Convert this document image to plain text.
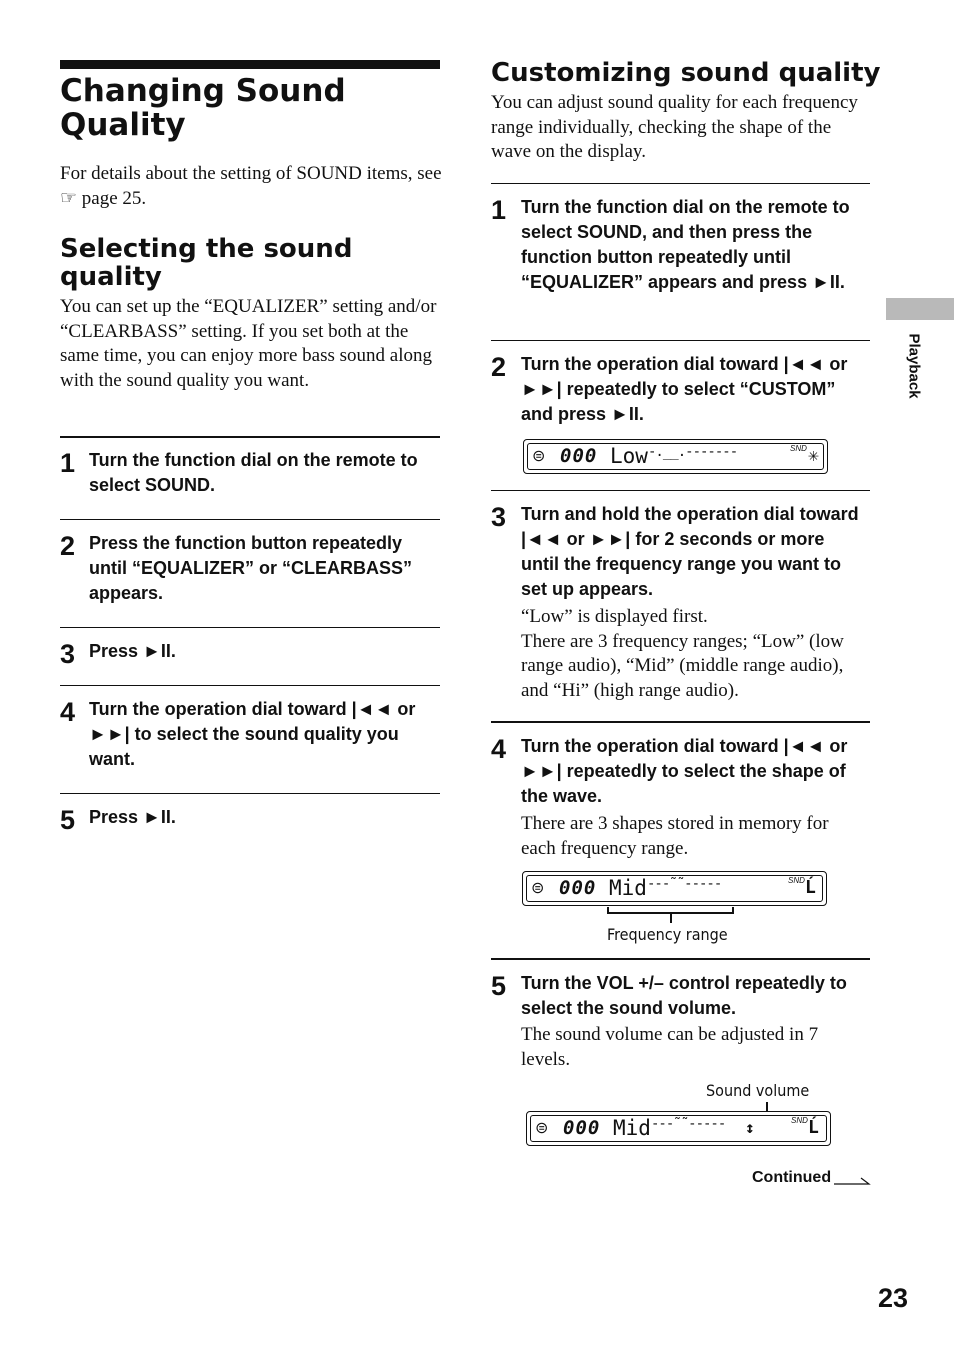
Changing Sound Quality

For details about the setting of SOUND items, see ☞ page 25.

Selecting the sound quality

You can set up the “EQUALIZER” setting and/or “CLEARBASS” setting. If you set both at the same time, you can enjoy more bass sound along with the sound quality you want.

1 Turn the function dial on the remote to select SOUND.
2 Press the function button repeatedly until “EQUALIZER” or “CLEARBASS” appears.
3 Press ►II.
4 Turn the operation dial toward |◄◄ or ►►| to select the sound quality you want.
5 Press ►II.
Customizing sound quality

You can adjust sound quality for each frequency range individually, checking the shape of the wave on the display.

1 Turn the function dial on the remote to select SOUND, and then press the function button repeatedly until “EQUALIZER” appears and press ►II.
2 Turn the operation dial toward |◄◄ or ►►| repeatedly to select “CUSTOM” and press ►II.
⊜ 000 Low -.__.-------	SND ✳
3 Turn and hold the operation dial toward |◄◄ or ►►| for 2 seconds or more until the frequency range you want to set up appears.
“Low” is displayed first.
There are 3 frequency ranges; “Low” (low range audio), “Mid” (middle range audio), and “Hi” (high range audio).
4 Turn the operation dial toward |◄◄ or ►►| repeatedly to select the shape of the wave.
There are 3 shapes stored in memory for each frequency range.
⊜ 000 Mid ---˜˜-----	SND Ĺ
Frequency range
5 Turn the VOL +/– control repeatedly to select the sound volume.
The sound volume can be adjusted in 7 levels.
Sound volume
⊜ 000 Mid ---˜˜----- ↕	SND Ĺ
Continued
Playback
23
